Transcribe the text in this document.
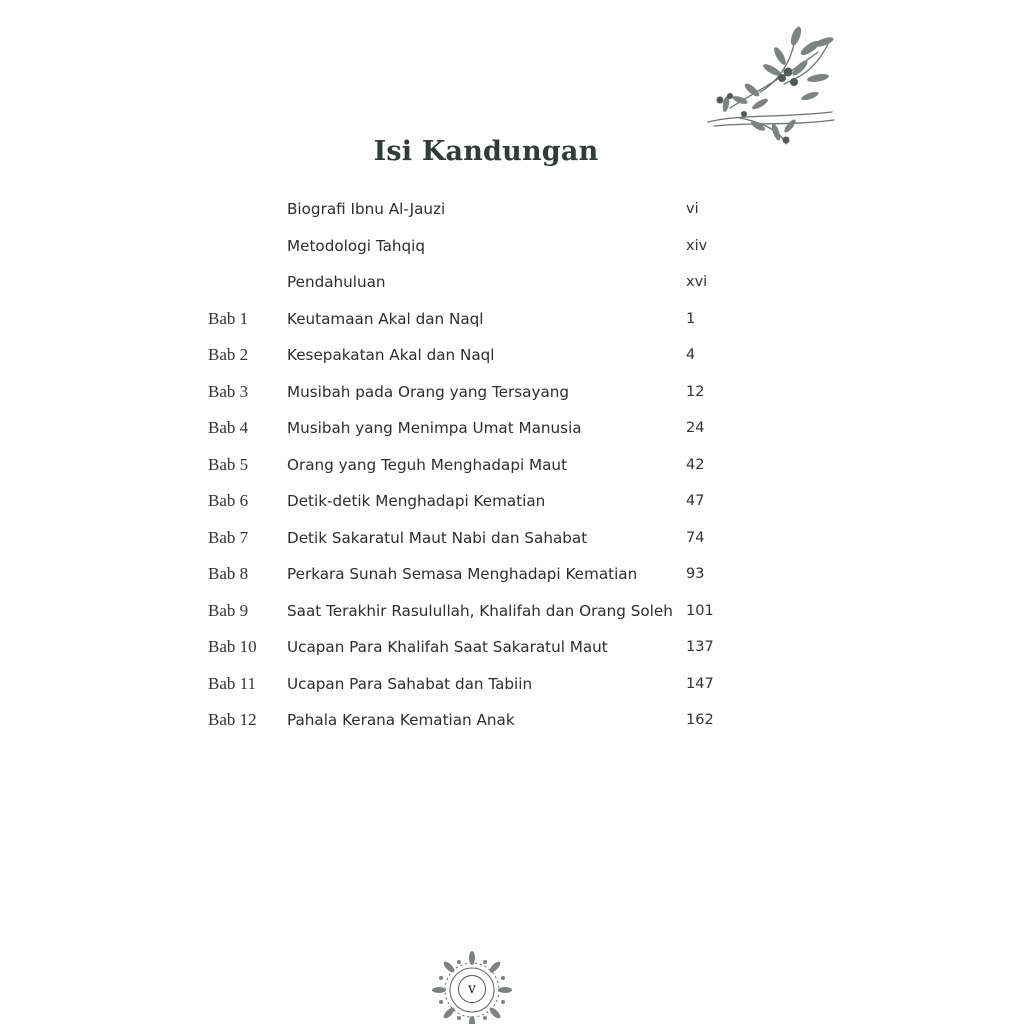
Isi Kandungan
Biografi Ibnu Al-Jauzi	vi
Metodologi Tahqiq	xiv
Pendahuluan	xvi
Bab 1	Keutamaan Akal dan Naql	1
Bab 2	Kesepakatan Akal dan Naql	4
Bab 3	Musibah pada Orang yang Tersayang	12
Bab 4	Musibah yang Menimpa Umat Manusia	24
Bab 5	Orang yang Teguh Menghadapi Maut	42
Bab 6	Detik-detik Menghadapi Kematian	47
Bab 7	Detik Sakaratul Maut Nabi dan Sahabat	74
Bab 8	Perkara Sunah Semasa Menghadapi Kematian	93
Bab 9	Saat Terakhir Rasulullah, Khalifah dan Orang Soleh 101
Bab 10 Ucapan Para Khalifah Saat Sakaratul Maut	137
Bab 11 Ucapan Para Sahabat dan Tabiin	147
Bab 12 Pahala Kerana Kematian Anak	162
v
